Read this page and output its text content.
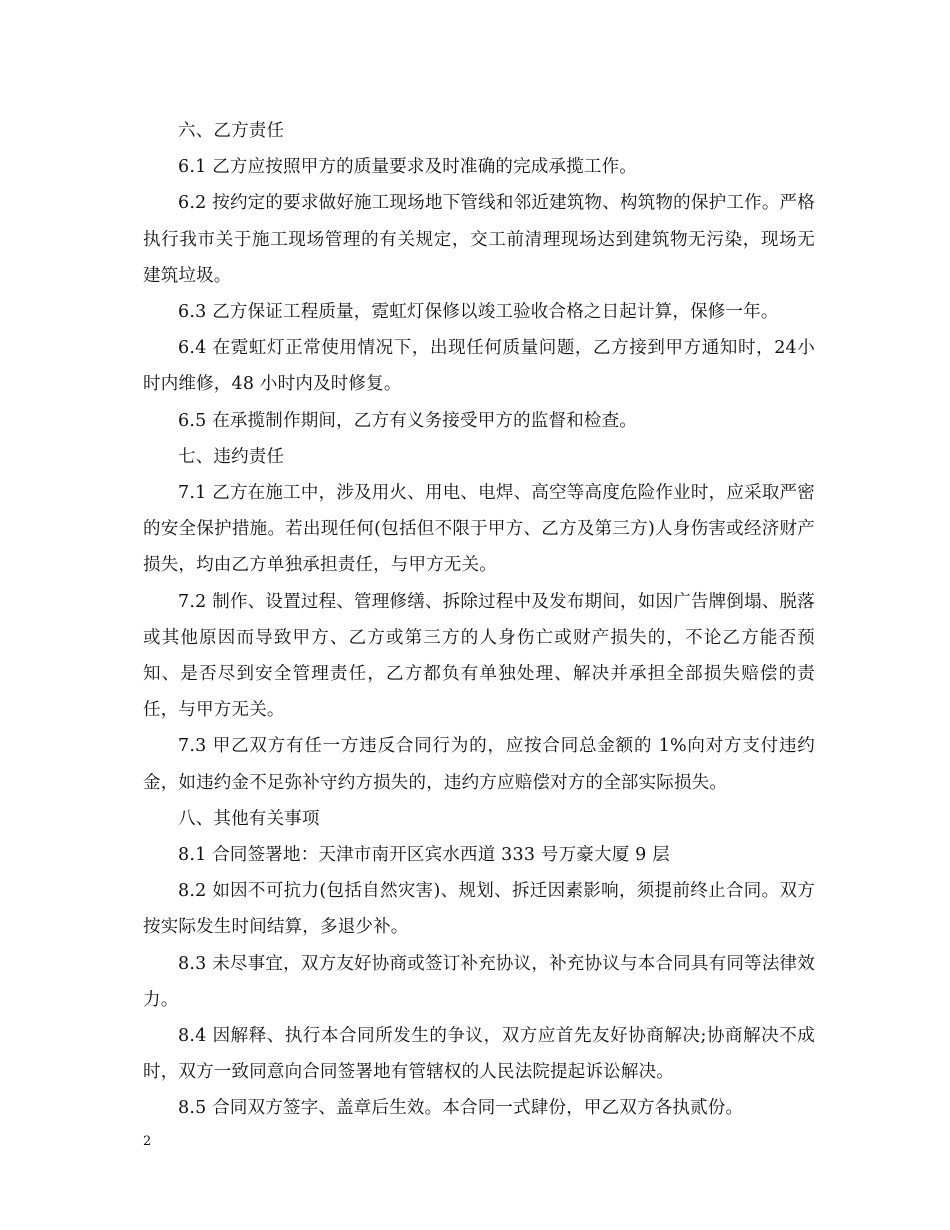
六、乙方责任

6.1 乙方应按照甲方的质量要求及时准确的完成承揽工作。

6.2 按约定的要求做好施工现场地下管线和邻近建筑物、构筑物的保护工作。严格执行我市关于施工现场管理的有关规定，交工前清理现场达到建筑物无污染，现场无建筑垃圾。

6.3 乙方保证工程质量，霓虹灯保修以竣工验收合格之日起计算，保修一年。

6.4 在霓虹灯正常使用情况下，出现任何质量问题，乙方接到甲方通知时，24小时内维修，48 小时内及时修复。

6.5 在承揽制作期间，乙方有义务接受甲方的监督和检查。

七、违约责任

7.1 乙方在施工中，涉及用火、用电、电焊、高空等高度危险作业时，应采取严密的安全保护措施。若出现任何(包括但不限于甲方、乙方及第三方)人身伤害或经济财产损失，均由乙方单独承担责任，与甲方无关。

7.2 制作、设置过程、管理修缮、拆除过程中及发布期间，如因广告牌倒塌、脱落或其他原因而导致甲方、乙方或第三方的人身伤亡或财产损失的，不论乙方能否预知、是否尽到安全管理责任，乙方都负有单独处理、解决并承担全部损失赔偿的责任，与甲方无关。

7.3 甲乙双方有任一方违反合同行为的，应按合同总金额的 1%向对方支付违约金，如违约金不足弥补守约方损失的，违约方应赔偿对方的全部实际损失。

八、其他有关事项

8.1 合同签署地：天津市南开区宾水西道 333 号万豪大厦 9 层

8.2 如因不可抗力(包括自然灾害)、规划、拆迁因素影响，须提前终止合同。双方按实际发生时间结算，多退少补。

8.3 未尽事宜，双方友好协商或签订补充协议，补充协议与本合同具有同等法律效力。

8.4 因解释、执行本合同所发生的争议，双方应首先友好协商解决;协商解决不成时，双方一致同意向合同签署地有管辖权的人民法院提起诉讼解决。

8.5 合同双方签字、盖章后生效。本合同一式肆份，甲乙双方各执贰份。

2
